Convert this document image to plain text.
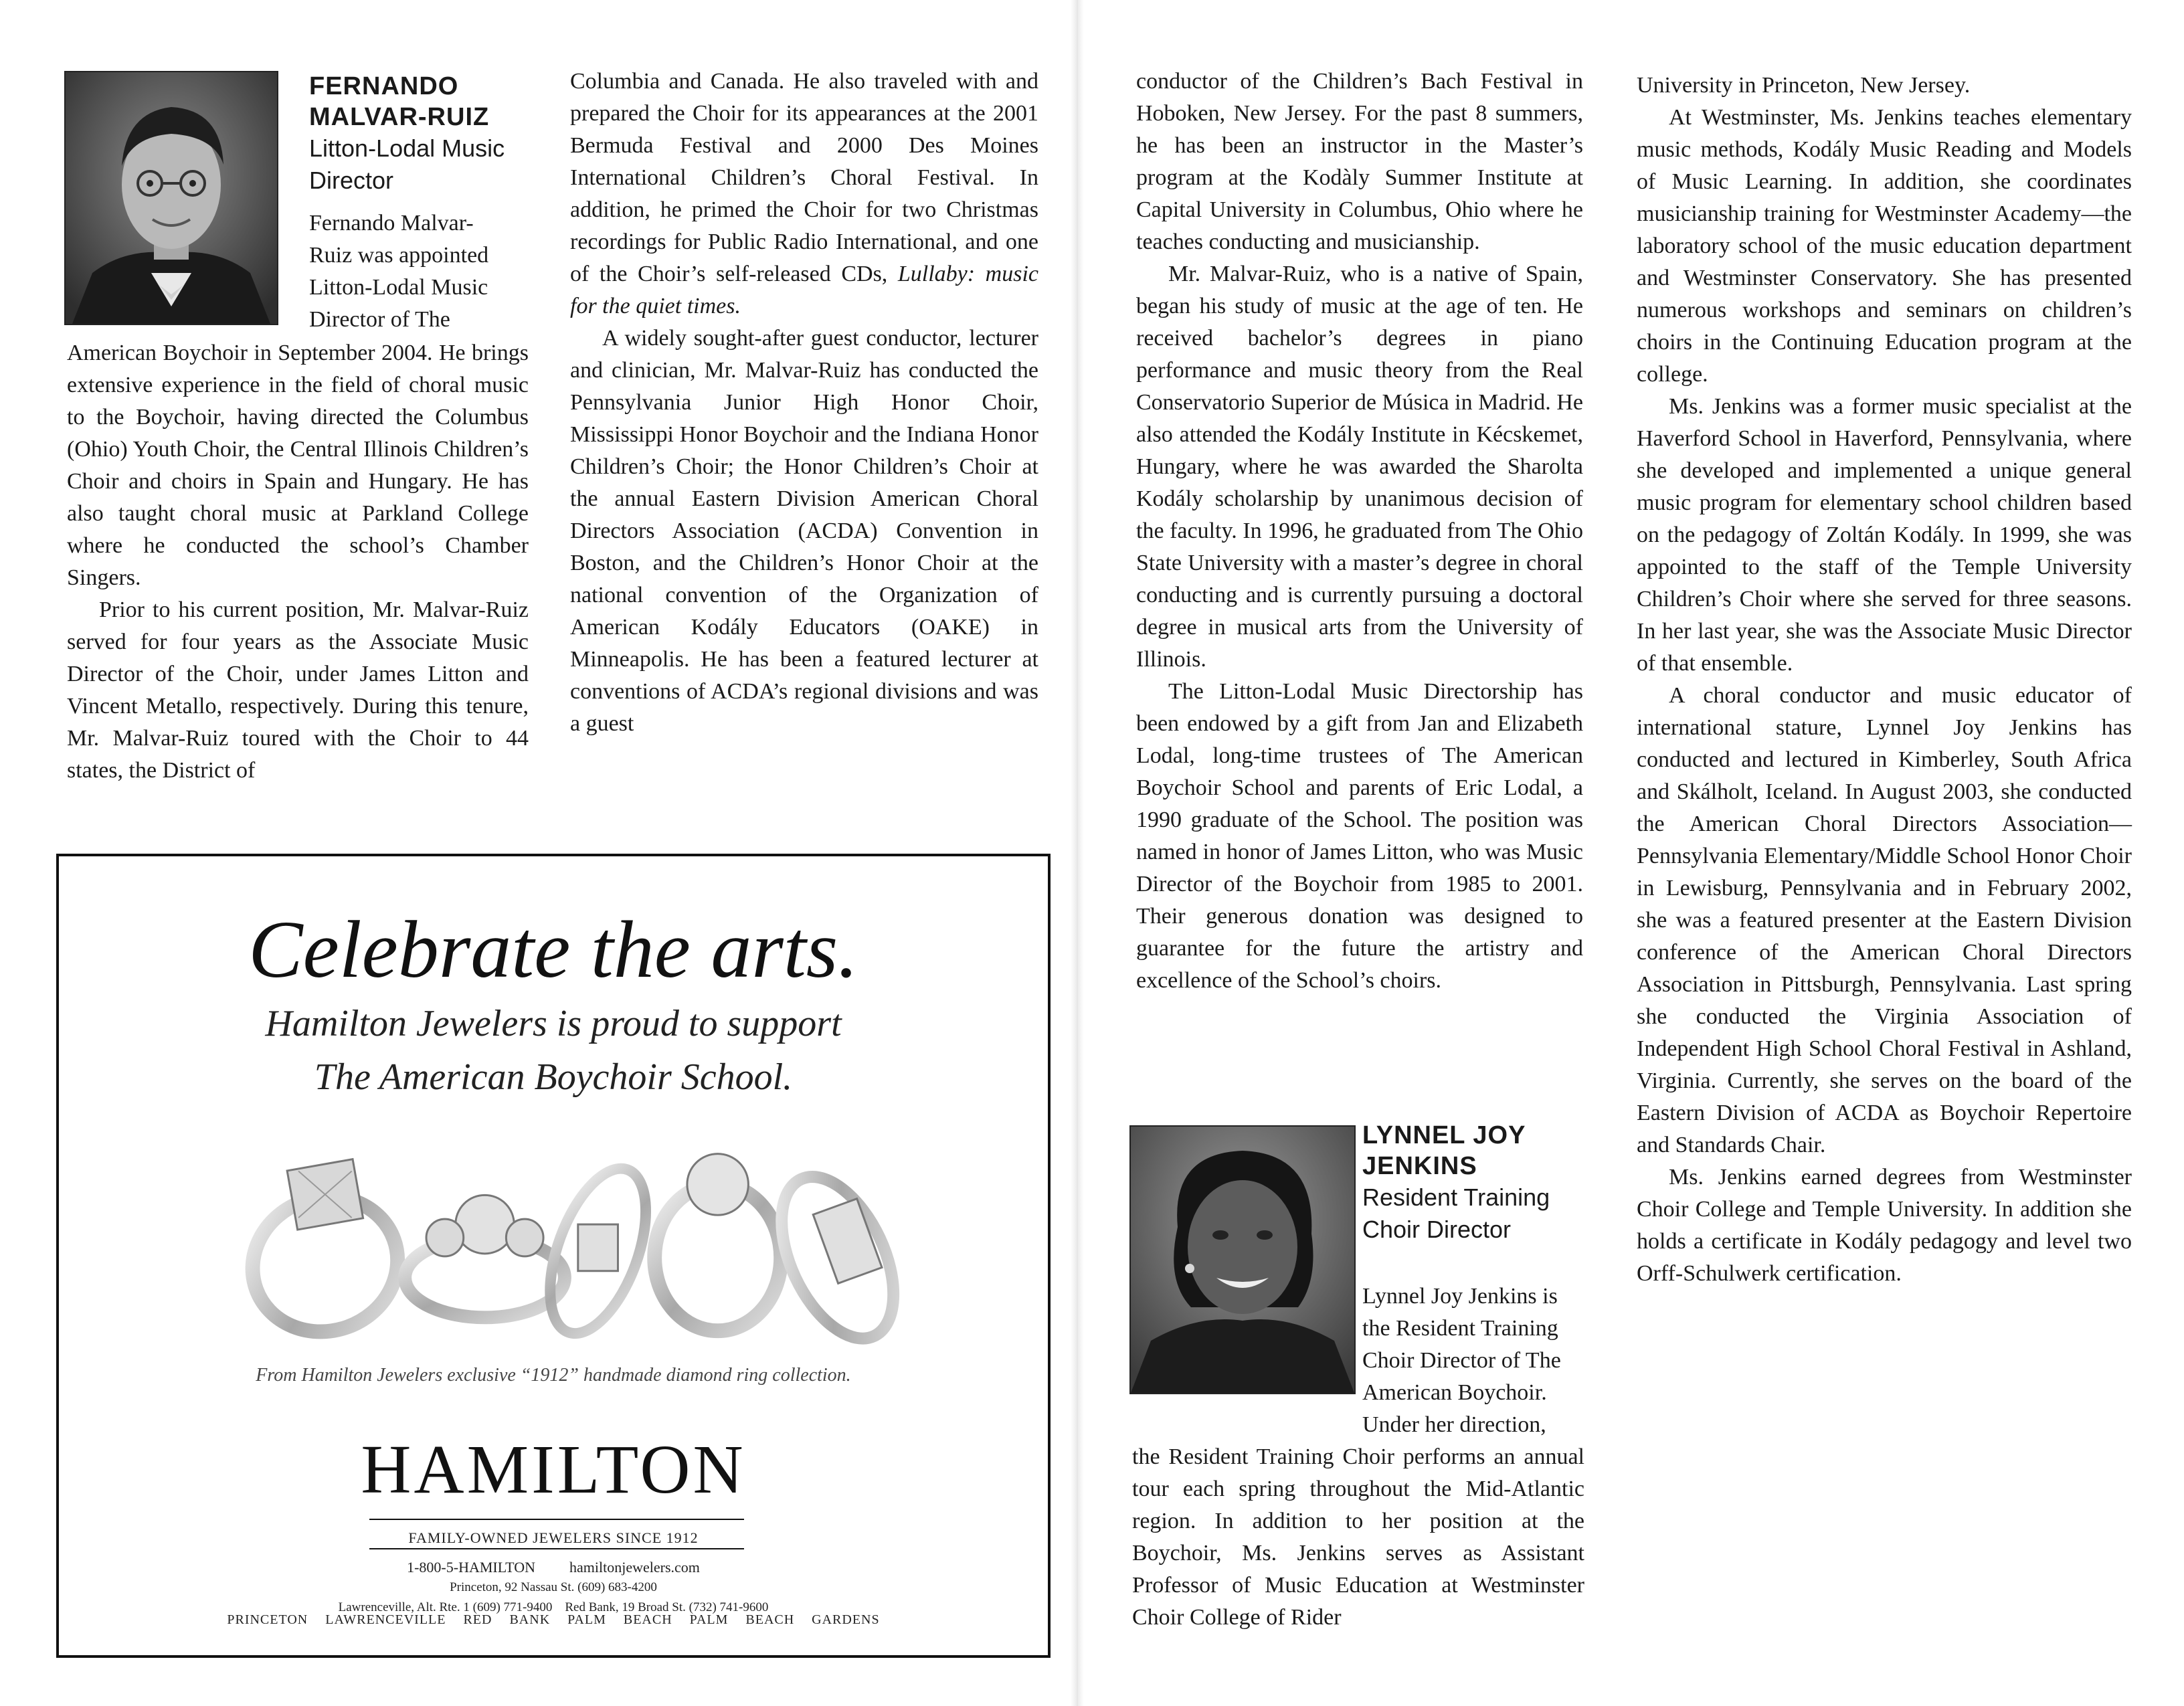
FERNANDO
MALVAR-RUIZ
Litton-Lodal Music
Director
Fernando Malvar-
Ruiz was appointed
Litton-Lodal Music
Director of The

American Boychoir in September 2004. He brings extensive experience in the field of choral music to the Boychoir, having directed the Columbus (Ohio) Youth Choir, the Central Illinois Children’s Choir and choirs in Spain and Hungary. He has also taught choral music at Parkland College where he conducted the school’s Chamber Singers.

Prior to his current position, Mr. Malvar-Ruiz served for four years as the Associate Music Director of the Choir, under James Litton and Vincent Metallo, respectively. During this tenure, Mr. Malvar-Ruiz toured with the Choir to 44 states, the District of

Columbia and Canada. He also traveled with and prepared the Choir for its appearances at the 2001 Bermuda Festival and 2000 Des Moines International Children’s Choral Festival. In addition, he primed the Choir for two Christmas recordings for Public Radio International, and one of the Choir’s self-released CDs, Lullaby: music for the quiet times.

A widely sought-after guest conductor, lecturer and clinician, Mr. Malvar-Ruiz has conducted the Pennsylvania Junior High Honor Choir, Mississippi Honor Boychoir and the Indiana Honor Children’s Choir; the Honor Children’s Choir at the annual Eastern Division American Choral Directors Association (ACDA) Convention in Boston, and the Children’s Honor Choir at the national convention of the Organization of American Kodály Educators (OAKE) in Minneapolis. He has been a featured lecturer at conventions of ACDA’s regional divisions and was a guest

Celebrate the arts.
Hamilton Jewelers is proud to support
The American Boychoir School.
From Hamilton Jewelers exclusive “1912” handmade diamond ring collection.
HAMILTON
FAMILY-OWNED JEWELERS SINCE 1912
1-800-5-HAMILTON hamiltonjewelers.com
Princeton, 92 Nassau St. (609) 683-4200
Lawrenceville, Alt. Rte. 1 (609) 771-9400    Red Bank, 19 Broad St. (732) 741-9600
PRINCETON LAWRENCEVILLE RED BANK PALM BEACH PALM BEACH GARDENS

conductor of the Children’s Bach Festival in Hoboken, New Jersey. For the past 8 summers, he has been an instructor in the Master’s program at the Kodàly Summer Institute at Capital University in Columbus, Ohio where he teaches conducting and musicianship.

Mr. Malvar-Ruiz, who is a native of Spain, began his study of music at the age of ten. He received bachelor’s degrees in piano performance and music theory from the Real Conservatorio Superior de Música in Madrid. He also attended the Kodály Institute in Kécskemet, Hungary, where he was awarded the Sharolta Kodály scholarship by unanimous decision of the faculty. In 1996, he graduated from The Ohio State University with a master’s degree in choral conducting and is currently pursuing a doctoral degree in musical arts from the University of Illinois.

The Litton-Lodal Music Directorship has been endowed by a gift from Jan and Elizabeth Lodal, long-time trustees of The American Boychoir School and parents of Eric Lodal, a 1990 graduate of the School. The position was named in honor of James Litton, who was Music Director of the Boychoir from 1985 to 2001. Their generous donation was designed to guarantee for the future the artistry and excellence of the School’s choirs.

LYNNEL JOY
JENKINS
Resident Training
Choir Director
Lynnel Joy Jenkins is
the Resident Training
Choir Director of The
American Boychoir.
Under her direction,

the Resident Training Choir performs an annual tour each spring throughout the Mid-Atlantic region. In addition to her position at the Boychoir, Ms. Jenkins serves as Assistant Professor of Music Education at Westminster Choir College of Rider

University in Princeton, New Jersey.

At Westminster, Ms. Jenkins teaches elementary music methods, Kodály Music Reading and Models of Music Learning. In addition, she coordinates musicianship training for Westminster Academy—the laboratory school of the music education department and Westminster Conservatory. She has presented numerous workshops and seminars on children’s choirs in the Continuing Education program at the college.

Ms. Jenkins was a former music specialist at the Haverford School in Haverford, Pennsylvania, where she developed and implemented a unique general music program for elementary school children based on the pedagogy of Zoltán Kodály. In 1999, she was appointed to the staff of the Temple University Children’s Choir where she served for three seasons. In her last year, she was the Associate Music Director of that ensemble.

A choral conductor and music educator of international stature, Lynnel Joy Jenkins has conducted and lectured in Kimberley, South Africa and Skálholt, Iceland. In August 2003, she conducted the American Choral Directors Association—Pennsylvania Elementary/Middle School Honor Choir in Lewisburg, Pennsylvania and in February 2002, she was a featured presenter at the Eastern Division conference of the American Choral Directors Association in Pittsburgh, Pennsylvania. Last spring she conducted the Virginia Association of Independent High School Choral Festival in Ashland, Virginia. Currently, she serves on the board of the Eastern Division of ACDA as Boychoir Repertoire and Standards Chair.

Ms. Jenkins earned degrees from Westminster Choir College and Temple University. In addition she holds a certificate in Kodály pedagogy and level two Orff-Schulwerk certification.
